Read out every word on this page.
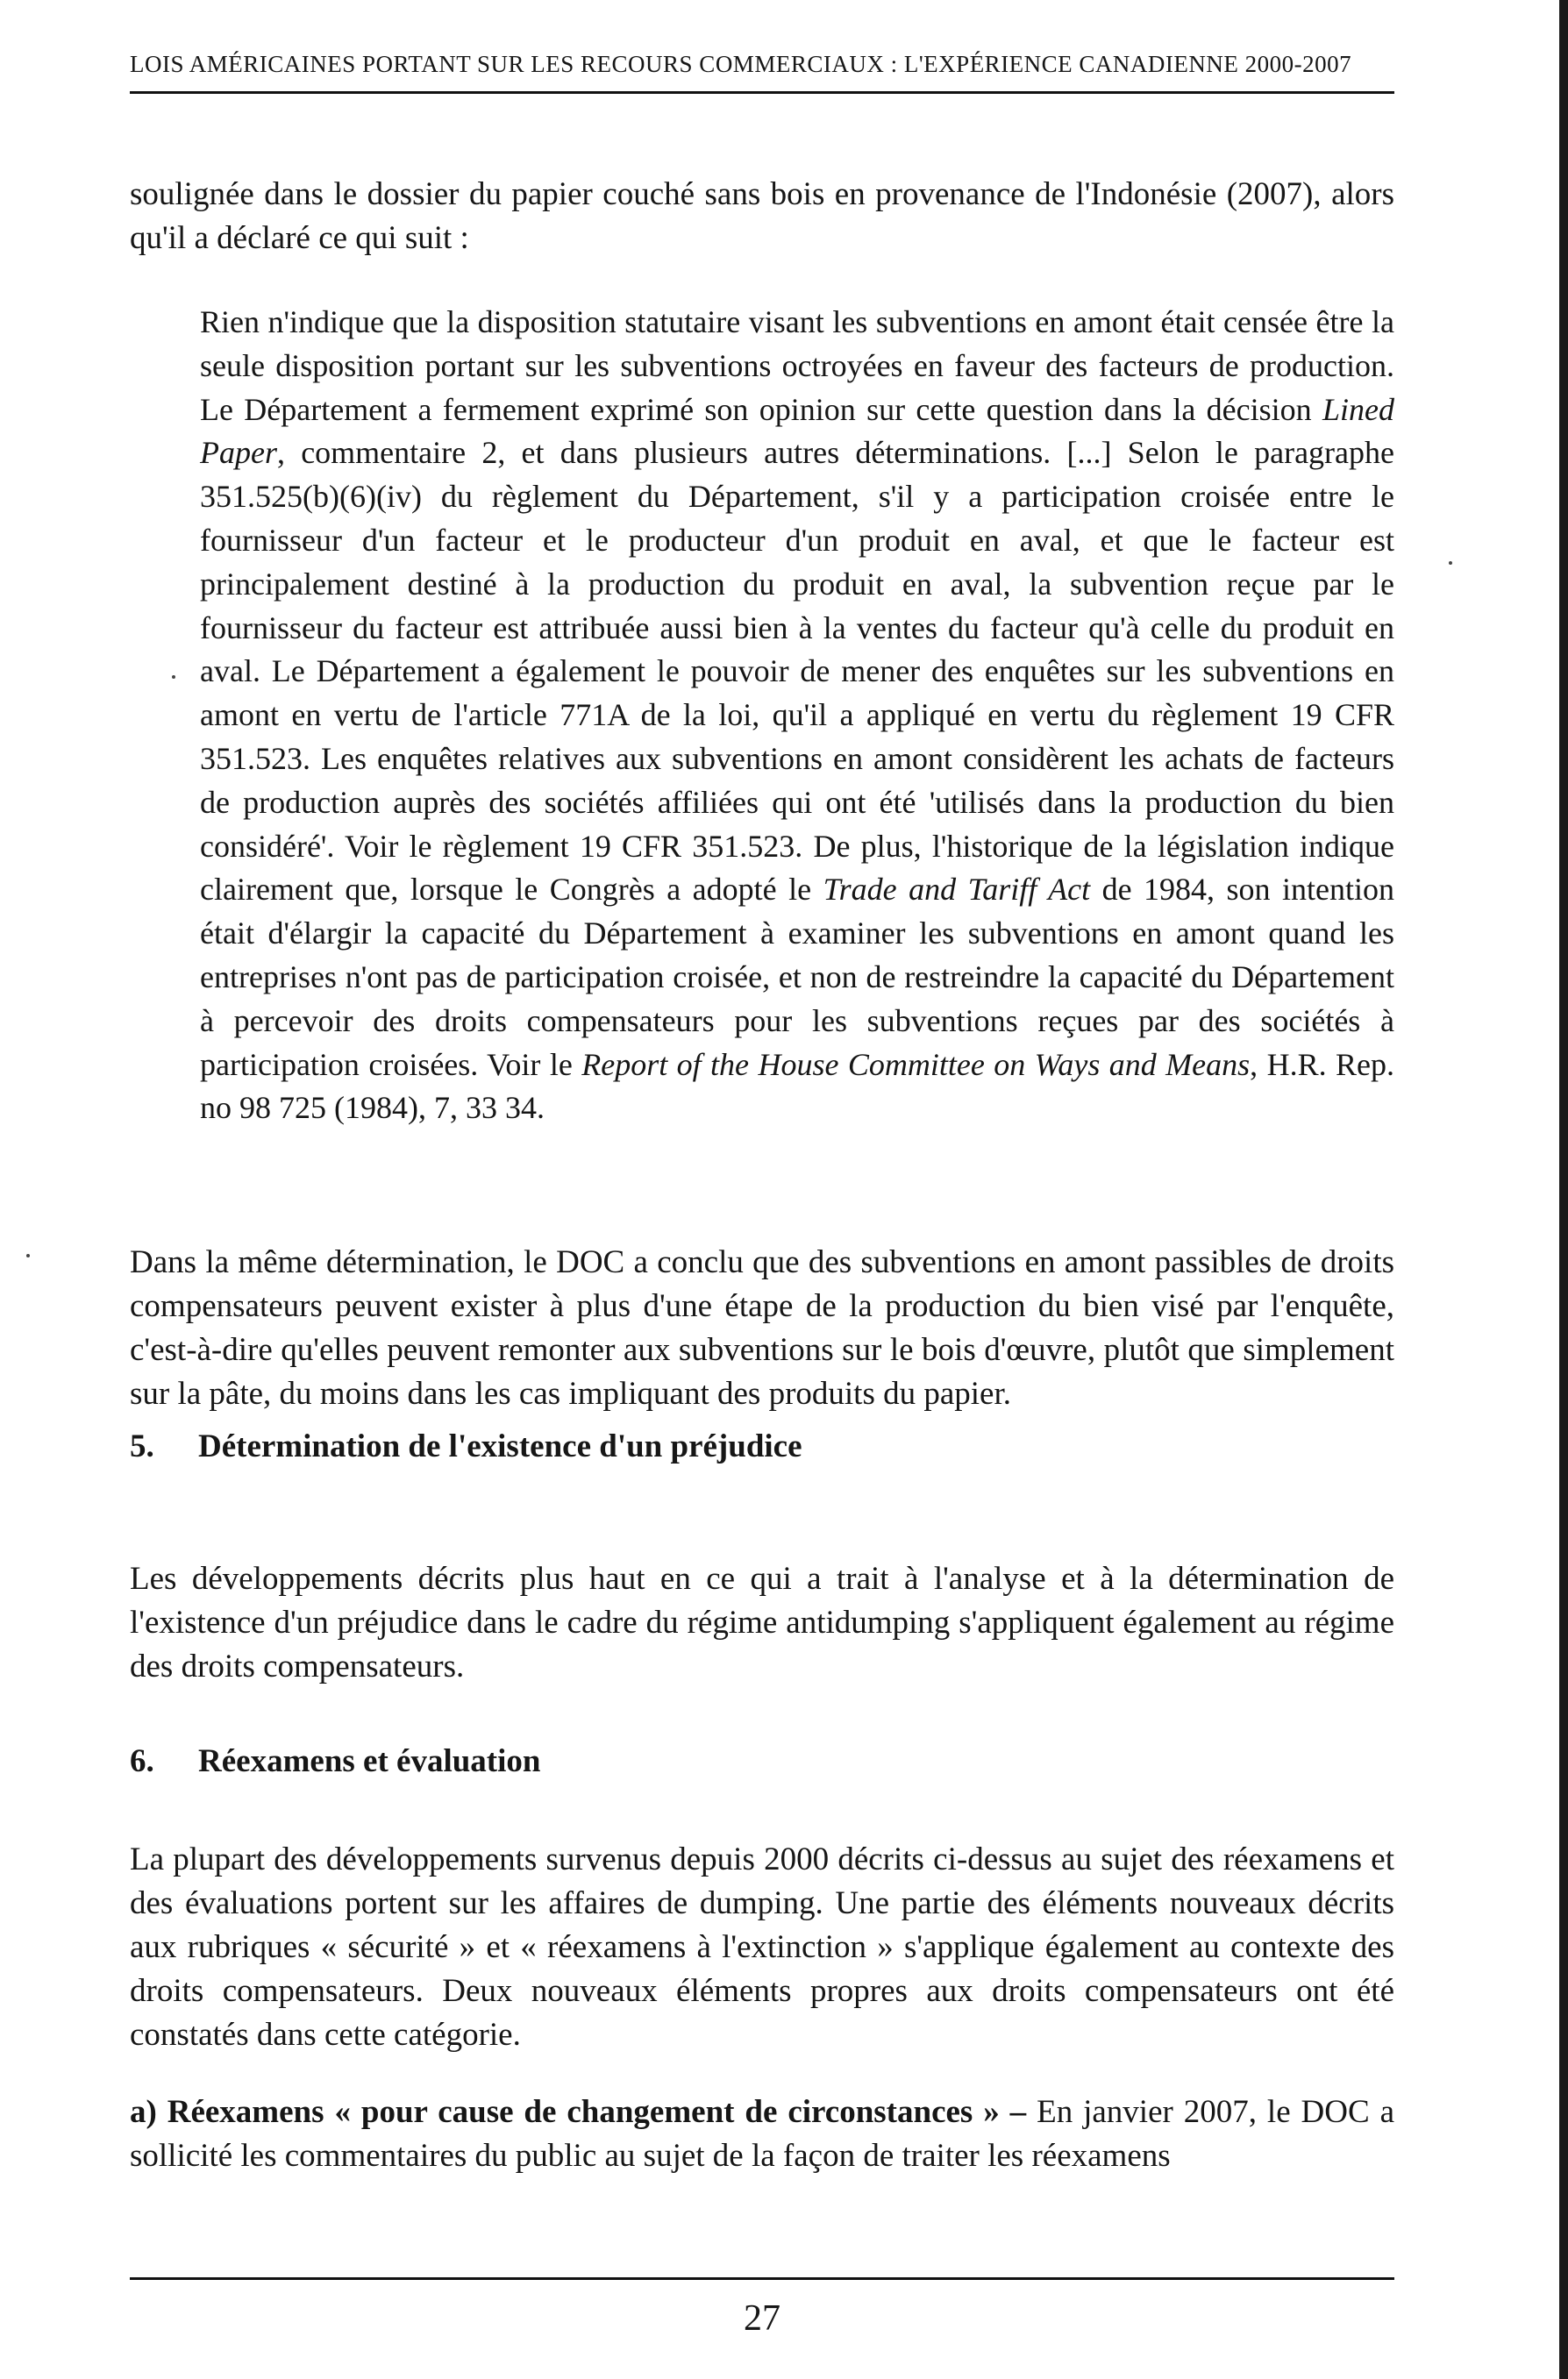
LOIS AMÉRICAINES PORTANT SUR LES RECOURS COMMERCIAUX : L'EXPÉRIENCE CANADIENNE 2000-2007

soulignée dans le dossier du papier couché sans bois en provenance de l'Indonésie (2007), alors qu'il a déclaré ce qui suit :

Rien n'indique que la disposition statutaire visant les subventions en amont était censée être la seule disposition portant sur les subventions octroyées en faveur des facteurs de production. Le Département a fermement exprimé son opinion sur cette question dans la décision Lined Paper, commentaire 2, et dans plusieurs autres déterminations. [...] Selon le paragraphe 351.525(b)(6)(iv) du règlement du Département, s'il y a participation croisée entre le fournisseur d'un facteur et le producteur d'un produit en aval, et que le facteur est principalement destiné à la production du produit en aval, la subvention reçue par le fournisseur du facteur est attribuée aussi bien à la ventes du facteur qu'à celle du produit en aval. Le Département a également le pouvoir de mener des enquêtes sur les subventions en amont en vertu de l'article 771A de la loi, qu'il a appliqué en vertu du règlement 19 CFR 351.523. Les enquêtes relatives aux subventions en amont considèrent les achats de facteurs de production auprès des sociétés affiliées qui ont été 'utilisés dans la production du bien considéré'. Voir le règlement 19 CFR 351.523. De plus, l'historique de la législation indique clairement que, lorsque le Congrès a adopté le Trade and Tariff Act de 1984, son intention était d'élargir la capacité du Département à examiner les subventions en amont quand les entreprises n'ont pas de participation croisée, et non de restreindre la capacité du Département à percevoir des droits compensateurs pour les subventions reçues par des sociétés à participation croisées. Voir le Report of the House Committee on Ways and Means, H.R. Rep. no 98 725 (1984), 7, 33 34.

Dans la même détermination, le DOC a conclu que des subventions en amont passibles de droits compensateurs peuvent exister à plus d'une étape de la production du bien visé par l'enquête, c'est-à-dire qu'elles peuvent remonter aux subventions sur le bois d'œuvre, plutôt que simplement sur la pâte, du moins dans les cas impliquant des produits du papier.

5. Détermination de l'existence d'un préjudice

Les développements décrits plus haut en ce qui a trait à l'analyse et à la détermination de l'existence d'un préjudice dans le cadre du régime antidumping s'appliquent également au régime des droits compensateurs.

6. Réexamens et évaluation

La plupart des développements survenus depuis 2000 décrits ci-dessus au sujet des réexamens et des évaluations portent sur les affaires de dumping. Une partie des éléments nouveaux décrits aux rubriques « sécurité » et « réexamens à l'extinction » s'applique également au contexte des droits compensateurs. Deux nouveaux éléments propres aux droits compensateurs ont été constatés dans cette catégorie.

a) Réexamens « pour cause de changement de circonstances » – En janvier 2007, le DOC a sollicité les commentaires du public au sujet de la façon de traiter les réexamens

27
